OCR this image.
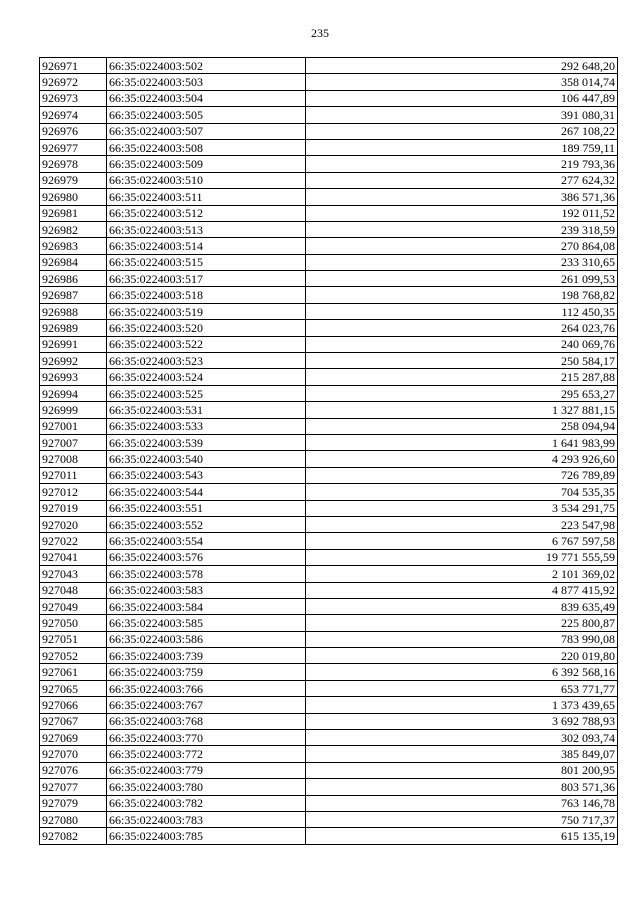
235
926971	66:35:0224003:502	292 648,20
926972	66:35:0224003:503	358 014,74
926973	66:35:0224003:504	106 447,89
926974	66:35:0224003:505	391 080,31
926976	66:35:0224003:507	267 108,22
926977	66:35:0224003:508	189 759,11
926978	66:35:0224003:509	219 793,36
926979	66:35:0224003:510	277 624,32
926980	66:35:0224003:511	386 571,36
926981	66:35:0224003:512	192 011,52
926982	66:35:0224003:513	239 318,59
926983	66:35:0224003:514	270 864,08
926984	66:35:0224003:515	233 310,65
926986	66:35:0224003:517	261 099,53
926987	66:35:0224003:518	198 768,82
926988	66:35:0224003:519	112 450,35
926989	66:35:0224003:520	264 023,76
926991	66:35:0224003:522	240 069,76
926992	66:35:0224003:523	250 584,17
926993	66:35:0224003:524	215 287,88
926994	66:35:0224003:525	295 653,27
926999	66:35:0224003:531	1 327 881,15
927001	66:35:0224003:533	258 094,94
927007	66:35:0224003:539	1 641 983,99
927008	66:35:0224003:540	4 293 926,60
927011	66:35:0224003:543	726 789,89
927012	66:35:0224003:544	704 535,35
927019	66:35:0224003:551	3 534 291,75
927020	66:35:0224003:552	223 547,98
927022	66:35:0224003:554	6 767 597,58
927041	66:35:0224003:576	19 771 555,59
927043	66:35:0224003:578	2 101 369,02
927048	66:35:0224003:583	4 877 415,92
927049	66:35:0224003:584	839 635,49
927050	66:35:0224003:585	225 800,87
927051	66:35:0224003:586	783 990,08
927052	66:35:0224003:739	220 019,80
927061	66:35:0224003:759	6 392 568,16
927065	66:35:0224003:766	653 771,77
927066	66:35:0224003:767	1 373 439,65
927067	66:35:0224003:768	3 692 788,93
927069	66:35:0224003:770	302 093,74
927070	66:35:0224003:772	385 849,07
927076	66:35:0224003:779	801 200,95
927077	66:35:0224003:780	803 571,36
927079	66:35:0224003:782	763 146,78
927080	66:35:0224003:783	750 717,37
927082	66:35:0224003:785	615 135,19
